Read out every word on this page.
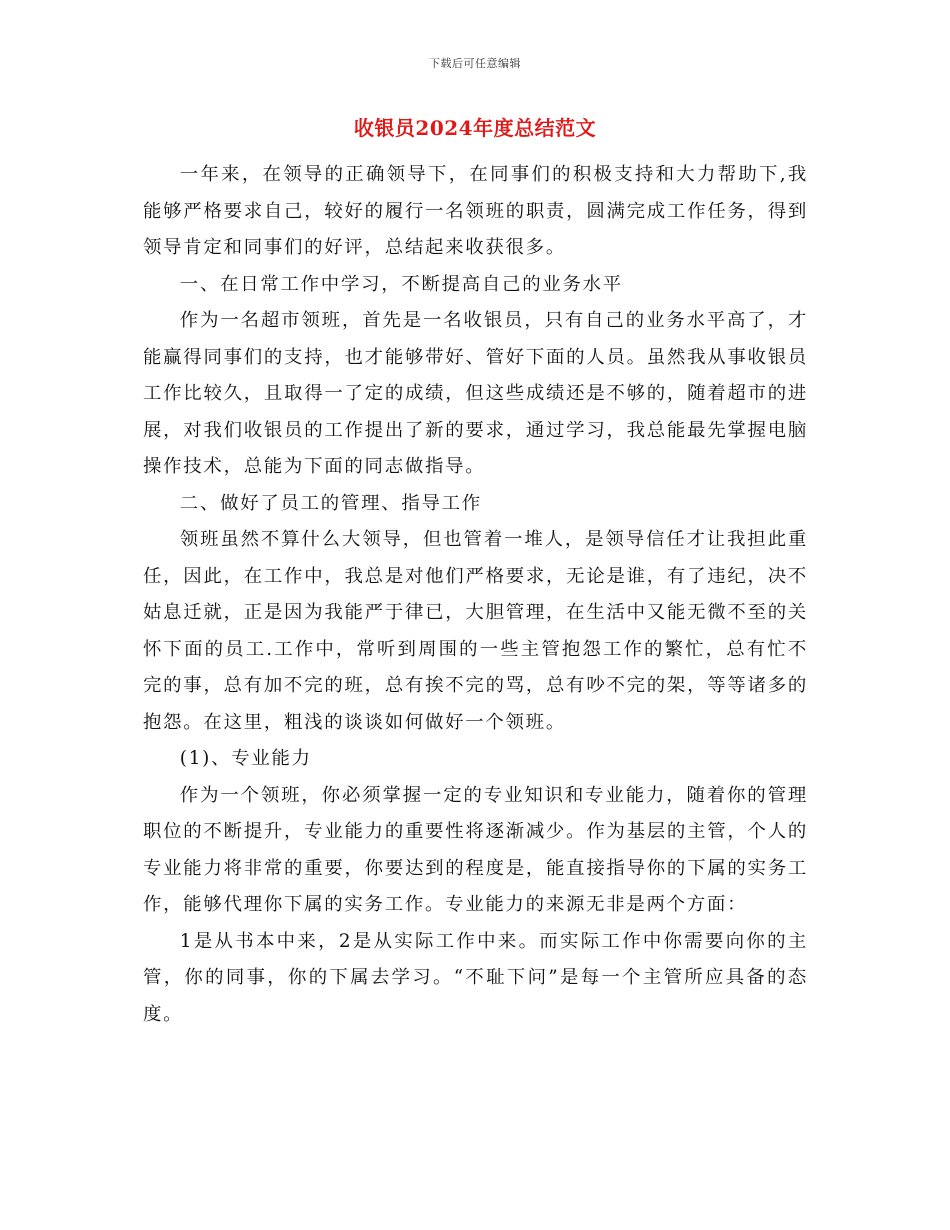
下载后可任意编辑
收银员2024年度总结范文

一年来，在领导的正确领导下，在同事们的积极支持和大力帮助下,我能够严格要求自己，较好的履行一名领班的职责，圆满完成工作任务，得到领导肯定和同事们的好评，总结起来收获很多。

一、在日常工作中学习，不断提高自己的业务水平

作为一名超市领班，首先是一名收银员，只有自己的业务水平高了，才能赢得同事们的支持，也才能够带好、管好下面的人员。虽然我从事收银员工作比较久，且取得一了定的成绩，但这些成绩还是不够的，随着超市的进展，对我们收银员的工作提出了新的要求，通过学习，我总能最先掌握电脑操作技术，总能为下面的同志做指导。

二、做好了员工的管理、指导工作

领班虽然不算什么大领导，但也管着一堆人，是领导信任才让我担此重任，因此，在工作中，我总是对他们严格要求，无论是谁，有了违纪，决不姑息迁就，正是因为我能严于律已，大胆管理，在生活中又能无微不至的关怀下面的员工.工作中，常听到周围的一些主管抱怨工作的繁忙，总有忙不完的事，总有加不完的班，总有挨不完的骂，总有吵不完的架，等等诸多的抱怨。在这里，粗浅的谈谈如何做好一个领班。

(1)、专业能力

作为一个领班，你必须掌握一定的专业知识和专业能力，随着你的管理职位的不断提升，专业能力的重要性将逐渐减少。作为基层的主管，个人的专业能力将非常的重要，你要达到的程度是，能直接指导你的下属的实务工作，能够代理你下属的实务工作。专业能力的来源无非是两个方面：

1是从书本中来，2是从实际工作中来。而实际工作中你需要向你的主管，你的同事，你的下属去学习。“不耻下问”是每一个主管所应具备的态度。
